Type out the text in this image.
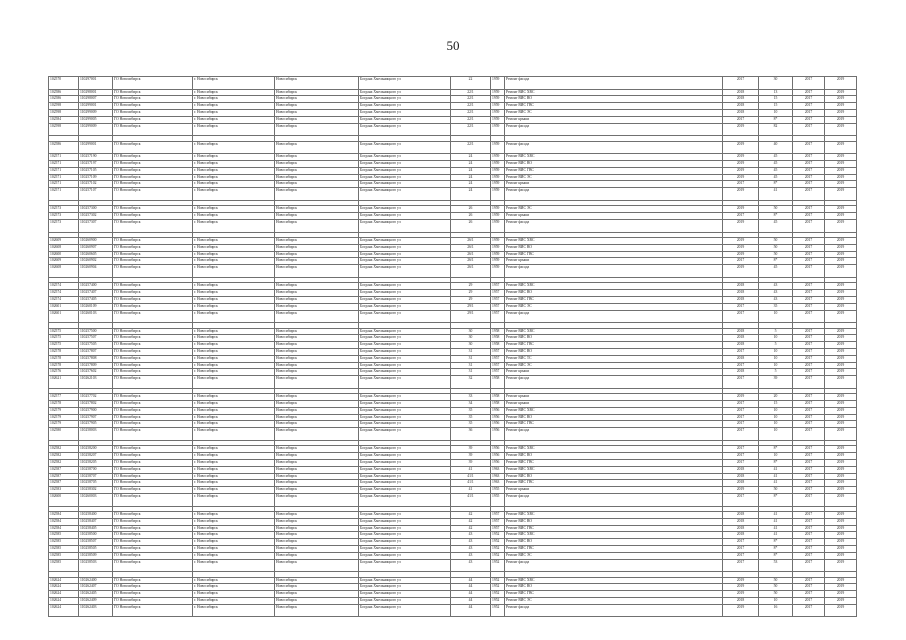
50
102570	110297001	ГО Новосибирск	г. Новосибирск	Новосибирск	Богдана Хмельницкого ул	22	1959	Ремонт фасада	2017	30	2017	2019
102586	110298001	ГО Новосибирск	г. Новосибирск	Новосибирск	Богдана Хмельницкого ул	22/1	1959	Ремонт ВИС ХВС	2018	13	2017	2019
102586	110298007	ГО Новосибирск	г. Новосибирск	Новосибирск	Богдана Хмельницкого ул	22/1	1959	Ремонт ВИС ВО	2018	15	2017	2019
102598	110299001	ГО Новосибирск	г. Новосибирск	Новосибирск	Богдана Хмельницкого ул	22/1	1959	Ремонт ВИС ГВС	2018	15	2017	2019
102598	110299009	ГО Новосибирск	г. Новосибирск	Новосибирск	Богдана Хмельницкого ул	22/1	1959	Ремонт ВИС ЭС	2018	10	2017	2019
102584	110299005	ГО Новосибирск	г. Новосибирск	Новосибирск	Богдана Хмельницкого ул	22/1	1959	Ремонт крыши	2017	8*	2017	2019
102598	110299009	ГО Новосибирск	г. Новосибирск	Новосибирск	Богдана Хмельницкого ул	22/1	1959	Ремонт фасада	2019	82	2017	2019

102586	110299001	ГО Новосибирск	г. Новосибирск	Новосибирск	Богдана Хмельницкого ул	22/1	1959	Ремонт фасада	2019	40	2017	2019
102571	110257190	ГО Новосибирск	г. Новосибирск	Новосибирск	Богдана Хмельницкого ул	24	1959	Ремонт ВИС ХВС	2019	45	2017	2019
102571	110257197	ГО Новосибирск	г. Новосибирск	Новосибирск	Богдана Хмельницкого ул	24	1959	Ремонт ВИС ВО	2019	45	2017	2019
102571	110257105	ГО Новосибирск	г. Новосибирск	Новосибирск	Богдана Хмельницкого ул	24	1959	Ремонт ВИС ГВС	2019	45	2017	2019
102571	110257109	ГО Новосибирск	г. Новосибирск	Новосибирск	Богдана Хмельницкого ул	24	1959	Ремонт ВИС ЭС	2019	45	2017	2019
102571	110257102	ГО Новосибирск	г. Новосибирск	Новосибирск	Богдана Хмельницкого ул	24	1959	Ремонт крыши	2017	8*	2017	2019
102571	110257107	ГО Новосибирск	г. Новосибирск	Новосибирск	Богдана Хмельницкого ул	24	1959	Ремонт фасада	2019	41	2017	2019

102573	110257300	ГО Новосибирск	г. Новосибирск	Новосибирск	Богдана Хмельницкого ул	26	1959	Ремонт ВИС ЭС	2019	50	2017	2019
102573	110257302	ГО Новосибирск	г. Новосибирск	Новосибирск	Богдана Хмельницкого ул	26	1959	Ремонт крыши	2017	8*	2017	2019
102573	110257307	ГО Новосибирск	г. Новосибирск	Новосибирск	Богдана Хмельницкого ул	26	1959	Ремонт фасада	2019	45	2017	2019

102609	110260900	ГО Новосибирск	г. Новосибирск	Новосибирск	Богдана Хмельницкого ул	26/1	1959	Ремонт ВИС ХВС	2019	50	2017	2019
102608	110260907	ГО Новосибирск	г. Новосибирск	Новосибирск	Богдана Хмельницкого ул	26/1	1959	Ремонт ВИС ВО	2019	50	2017	2019
102600	110260605	ГО Новосибирск	г. Новосибирск	Новосибирск	Богдана Хмельницкого ул	26/1	1959	Ремонт ВИС ГВС	2019	50	2017	2019
102609	110260902	ГО Новосибирск	г. Новосибирск	Новосибирск	Богдана Хмельницкого ул	26/1	1959	Ремонт крыши	2017	8*	2017	2019
102608	110260904	ГО Новосибирск	г. Новосибирск	Новосибирск	Богдана Хмельницкого ул	26/1	1959	Ремонт фасада	2019	45	2017	2019

102574	110257400	ГО Новосибирск	г. Новосибирск	Новосибирск	Богдана Хмельницкого ул	29	1957	Ремонт ВИС ХВС	2018	43	2017	2019
102574	110257407	ГО Новосибирск	г. Новосибирск	Новосибирск	Богдана Хмельницкого ул	29	1957	Ремонт ВИС ВО	2018	43	2017	2019
102574	110257405	ГО Новосибирск	г. Новосибирск	Новосибирск	Богдана Хмельницкого ул	29	1957	Ремонт ВИС ГВС	2018	43	2017	2019
102601	110260109	ГО Новосибирск	г. Новосибирск	Новосибирск	Богдана Хмельницкого ул	29/1	1957	Ремонт ВИС ЭС	2017	35	2017	2019
102601	110260103	ГО Новосибирск	г. Новосибирск	Новосибирск	Богдана Хмельницкого ул	29/1	1957	Ремонт фасада	2017	10	2017	2019

102575	110257500	ГО Новосибирск	г. Новосибирск	Новосибирск	Богдана Хмельницкого ул	30	1958	Ремонт ВИС ХВС	2018	5	2017	2019
102575	110257507	ГО Новосибирск	г. Новосибирск	Новосибирск	Богдана Хмельницкого ул	30	1958	Ремонт ВИС ВО	2018	10	2017	2019
102575	110257505	ГО Новосибирск	г. Новосибирск	Новосибирск	Богдана Хмельницкого ул	30	1958	Ремонт ВИС ГВС	2018	5	2017	2019
102578	110257807	ГО Новосибирск	г. Новосибирск	Новосибирск	Богдана Хмельницкого ул	31	1957	Ремонт ВИС ВО	2017	10	2017	2019
102578	110257808	ГО Новосибирск	г. Новосибирск	Новосибирск	Богдана Хмельницкого ул	31	1957	Ремонт ВИС ТС	2018	10	2017	2019
102578	110257809	ГО Новосибирск	г. Новосибирск	Новосибирск	Богдана Хмельницкого ул	31	1957	Ремонт ВИС ЭС	2017	10	2017	2019
102576	110257602	ГО Новосибирск	г. Новосибирск	Новосибирск	Богдана Хмельницкого ул	31	1957	Ремонт крыши	2018	5	2017	2019
102621	110262103	ГО Новосибирск	г. Новосибирск	Новосибирск	Богдана Хмельницкого ул	32	1958	Ремонт фасада	2017	39	2017	2019

102577	110257702	ГО Новосибирск	г. Новосибирск	Новосибирск	Богдана Хмельницкого ул	33	1958	Ремонт крыши	2019	20	2017	2019
102578	110257802	ГО Новосибирск	г. Новосибирск	Новосибирск	Богдана Хмельницкого ул	34	1958	Ремонт крыши	2017	15	2017	2019
102579	110257900	ГО Новосибирск	г. Новосибирск	Новосибирск	Богдана Хмельницкого ул	35	1956	Ремонт ВИС ХВС	2017	10	2017	2019
102579	110257907	ГО Новосибирск	г. Новосибирск	Новосибирск	Богдана Хмельницкого ул	35	1956	Ремонт ВИС ВО	2017	10	2017	2019
102579	110257905	ГО Новосибирск	г. Новосибирск	Новосибирск	Богдана Хмельницкого ул	35	1956	Ремонт ВИС ГВС	2017	10	2017	2019
102580	110258003	ГО Новосибирск	г. Новосибирск	Новосибирск	Богдана Хмельницкого ул	36	1956	Ремонт фасада	2017	10	2017	2019

102582	110258200	ГО Новосибирск	г. Новосибирск	Новосибирск	Богдана Хмельницкого ул	39	1956	Ремонт ВИС ХВС	2017	8*	2017	2019
102582	110258207	ГО Новосибирск	г. Новосибирск	Новосибирск	Богдана Хмельницкого ул	39	1956	Ремонт ВИС ВО	2017	10	2017	2019
102582	110258205	ГО Новосибирск	г. Новосибирск	Новосибирск	Богдана Хмельницкого ул	39	1956	Ремонт ВИС ГВС	2017	8*	2017	2019
102587	110258700	ГО Новосибирск	г. Новосибирск	Новосибирск	Богдана Хмельницкого ул	41	1963	Ремонт ВИС ХВС	2018	41	2017	2019
102587	110258707	ГО Новосибирск	г. Новосибирск	Новосибирск	Богдана Хмельницкого ул	41/1	1963	Ремонт ВИС ВО	2018	41	2017	2019
102587	110258705	ГО Новосибирск	г. Новосибирск	Новосибирск	Богдана Хмельницкого ул	41/1	1963	Ремонт ВИС ГВС	2018	41	2017	2019
102583	110258302	ГО Новосибирск	г. Новосибирск	Новосибирск	Богдана Хмельницкого ул	41	1955	Ремонт крыши	2019	50	2017	2019
102600	110260003	ГО Новосибирск	г. Новосибирск	Новосибирск	Богдана Хмельницкого ул	41/1	1955	Ремонт фасада	2017	8*	2017	2019

102584	110258400	ГО Новосибирск	г. Новосибирск	Новосибирск	Богдана Хмельницкого ул	42	1957	Ремонт ВИС ХВС	2018	41	2017	2019
102584	110258407	ГО Новосибирск	г. Новосибирск	Новосибирск	Богдана Хмельницкого ул	42	1957	Ремонт ВИС ВО	2018	41	2017	2019
102584	110258405	ГО Новосибирск	г. Новосибирск	Новосибирск	Богдана Хмельницкого ул	42	1957	Ремонт ВИС ГВС	2018	41	2017	2019
102585	110258500	ГО Новосибирск	г. Новосибирск	Новосибирск	Богдана Хмельницкого ул	43	1952	Ремонт ВИС ХВС	2018	41	2017	2019
102585	110258507	ГО Новосибирск	г. Новосибирск	Новосибирск	Богдана Хмельницкого ул	43	1952	Ремонт ВИС ВО	2017	8*	2017	2019
102585	110258505	ГО Новосибирск	г. Новосибирск	Новосибирск	Богдана Хмельницкого ул	43	1952	Ремонт ВИС ГВС	2017	8*	2017	2019
102585	110258509	ГО Новосибирск	г. Новосибирск	Новосибирск	Богдана Хмельницкого ул	43	1952	Ремонт ВИС ЭС	2017	8*	2017	2019
102585	110258503	ГО Новосибирск	г. Новосибирск	Новосибирск	Богдана Хмельницкого ул	43	1952	Ремонт фасада	2017	53	2017	2019

102624	110262400	ГО Новосибирск	г. Новосибирск	Новосибирск	Богдана Хмельницкого ул	44	1952	Ремонт ВИС ХВС	2019	50	2017	2019
102624	110262407	ГО Новосибирск	г. Новосибирск	Новосибирск	Богдана Хмельницкого ул	44	1952	Ремонт ВИС ВО	2019	50	2017	2019
102624	110262405	ГО Новосибирск	г. Новосибирск	Новосибирск	Богдана Хмельницкого ул	44	1952	Ремонт ВИС ГВС	2019	50	2017	2019
102624	110262409	ГО Новосибирск	г. Новосибирск	Новосибирск	Богдана Хмельницкого ул	44	1952	Ремонт ВИС ЭС	2018	10	2017	2019
102624	110262403	ГО Новосибирск	г. Новосибирск	Новосибирск	Богдана Хмельницкого ул	44	1952	Ремонт фасада	2019	16	2017	2019
